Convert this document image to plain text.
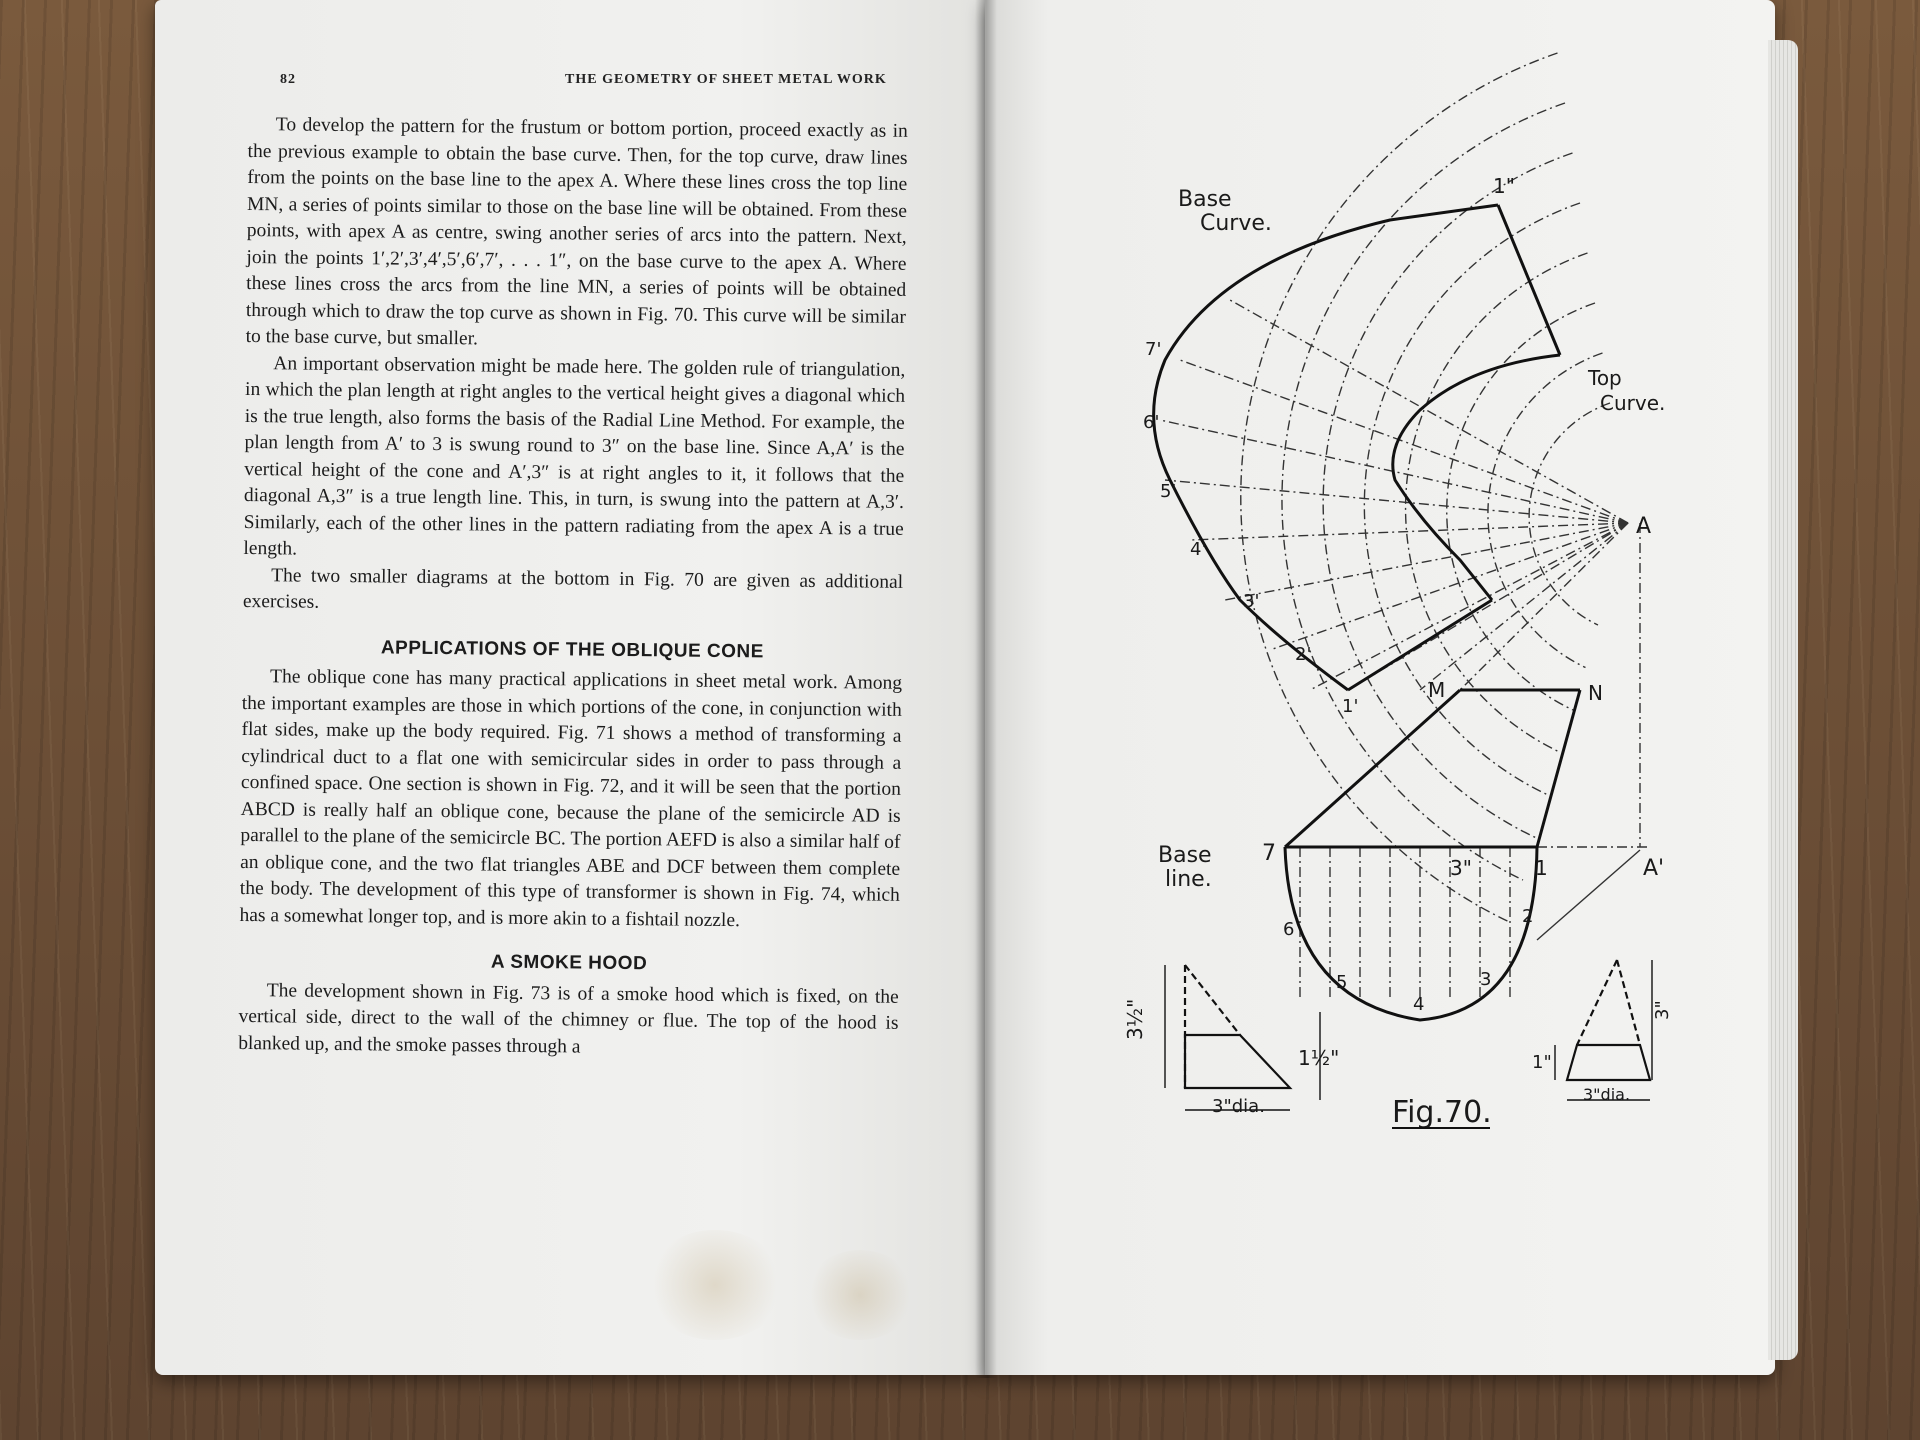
82	THE GEOMETRY OF SHEET METAL WORK

To develop the pattern for the frustum or bottom portion, proceed exactly as in the previous example to obtain the base curve. Then, for the top curve, draw lines from the points on the base line to the apex A. Where these lines cross the top line MN, a series of points similar to those on the base line will be obtained. From these points, with apex A as centre, swing another series of arcs into the pattern. Next, join the points 1′,2′,3′,4′,5′,6′,7′, . . . 1″, on the base curve to the apex A. Where these lines cross the arcs from the line MN, a series of points will be obtained through which to draw the top curve as shown in Fig. 70. This curve will be similar to the base curve, but smaller.

An important observation might be made here. The golden rule of triangulation, in which the plan length at right angles to the vertical height gives a diagonal which is the true length, also forms the basis of the Radial Line Method. For example, the plan length from A′ to 3 is swung round to 3″ on the base line. Since A,A′ is the vertical height of the cone and A′,3″ is at right angles to it, it follows that the diagonal A,3″ is a true length line. This, in turn, is swung into the pattern at A,3′. Similarly, each of the other lines in the pattern radiating from the apex A is a true length.

The two smaller diagrams at the bottom in Fig. 70 are given as additional exercises.

APPLICATIONS OF THE OBLIQUE CONE

The oblique cone has many practical applications in sheet metal work. Among the important examples are those in which portions of the cone, in conjunction with flat sides, make up the body required. Fig. 71 shows a method of transforming a cylindrical duct to a flat one with semicircular sides in order to pass through a confined space. One section is shown in Fig. 72, and it will be seen that the portion ABCD is really half an oblique cone, because the plane of the semicircle AD is parallel to the plane of the semicircle BC. The portion AEFD is also a similar half of an oblique cone, and the two flat triangles ABE and DCF between them complete the body. The development of this type of transformer is shown in Fig. 74, which has a somewhat longer top, and is more akin to a fishtail nozzle.

A SMOKE HOOD

The development shown in Fig. 73 is of a smoke hood which is fixed, on the vertical side, direct to the wall of the chimney or flue. The top of the hood is blanked up, and the smoke passes through a

Base
Curve.
Top
Curve.
A
A'
M	N
1"
3"	1
7
Base
line.
1'
2'
3'
4'
5'
6'
7'
2
3
4
5
6
3½"
1½"
3"dia.
3"
1"
3"dia.
Fig.70.
